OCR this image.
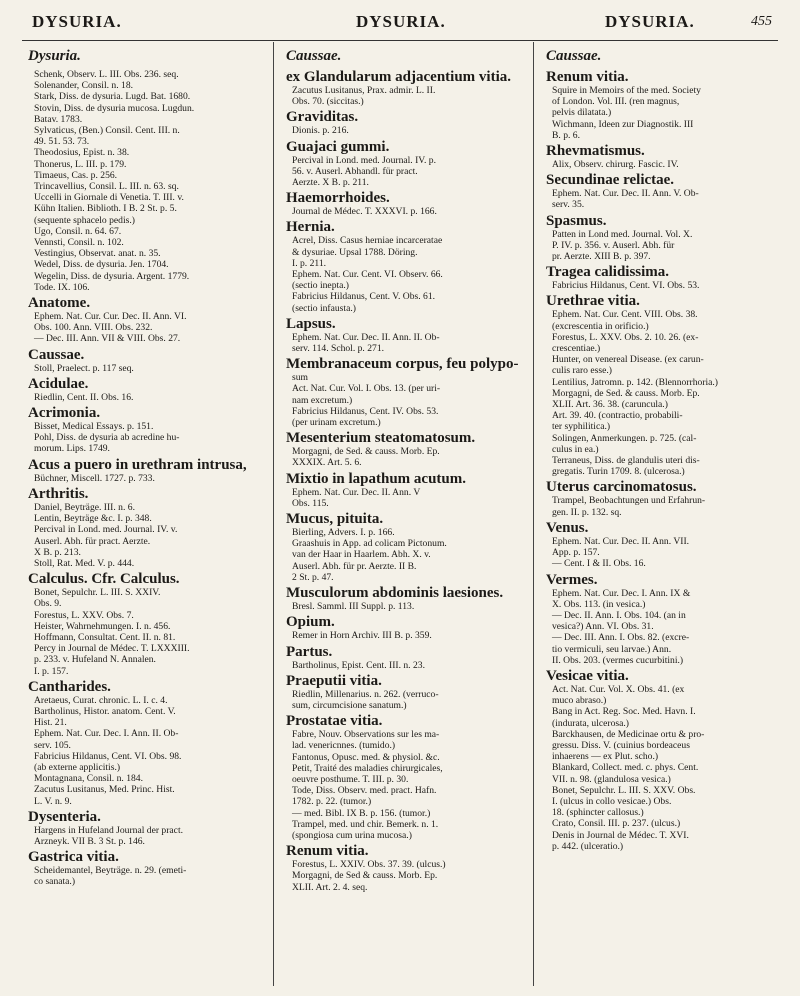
DYSURIA.	DYSURIA.	DYSURIA.	455
Dysuria.
Schenk, Observ. L. III. Obs. 236. seq.
Solenander, Consil. n. 18.
Stark, Diss. de dysuria. Lugd. Bat. 1680.
Stovin, Diss. de dysuria mucosa. Lugdun.
Batav. 1783.
Sylvaticus, (Ben.) Consil. Cent. III. n.
49. 51. 53. 73.
Theodosius, Epist. n. 38.
Thonerus, L. III. p. 179.
Timaeus, Cas. p. 256.
Trincavellius, Consil. L. III. n. 63. sq.
Uccelli in Giornale di Venetia. T. III. v.
Kühn Italien. Biblioth. I B. 2 St. p. 5.
(sequente sphacelo pedis.)
Ugo, Consil. n. 64. 67.
Vennsti, Consil. n. 102.
Vestingius, Observat. anat. n. 35.
Wedel, Diss. de dysuria. Jen. 1704.
Wegelin, Diss. de dysuria. Argent. 1779.
Tode. IX. 106.
Anatome.
Ephem. Nat. Cur. Cur. Dec. II. Ann. VI.
Obs. 100. Ann. VIII. Obs. 232.
— Dec. III. Ann. VII & VIII. Obs. 27.
Caussae.
Stoll, Praelect. p. 117 seq.
Acidulae.
Riedlin, Cent. II. Obs. 16.
Acrimonia.
Bisset, Medical Essays. p. 151.
Pohl, Diss. de dysuria ab acredine hu-
morum. Lips. 1749.
Acus a puero in urethram intrusa,
Büchner, Miscell. 1727. p. 733.
Arthritis.
Daniel, Beyträge. III. n. 6.
Lentin, Beyträge &c. I. p. 348.
Percival in Lond. med. Journal. IV. v.
Auserl. Abh. für pract. Aerzte.
X B. p. 213.
Stoll, Rat. Med. V. p. 444.
Calculus. Cfr. Calculus.
Bonet, Sepulchr. L. III. S. XXIV.
Obs. 9.
Forestus, L. XXV. Obs. 7.
Heister, Wahrnehmungen. I. n. 456.
Hoffmann, Consultat. Cent. II. n. 81.
Percy in Journal de Médec. T. LXXXIII.
p. 233. v. Hufeland N. Annalen.
I. p. 157.
Cantharides.
Aretaeus, Curat. chronic. L. I. c. 4.
Bartholinus, Histor. anatom. Cent. V.
Hist. 21.
Ephem. Nat. Cur. Dec. I. Ann. II. Ob-
serv. 105.
Fabricius Hildanus, Cent. VI. Obs. 98.
(ab externe applicitis.)
Montagnana, Consil. n. 184.
Zacutus Lusitanus, Med. Princ. Hist.
L. V. n. 9.
Dysenteria.
Hargens in Hufeland Journal der pract.
Arzneyk. VII B. 3 St. p. 146.
Gastrica vitia.
Scheidemantel, Beyträge. n. 29. (emeti-
co sanata.)
Caussae.
ex Glandularum adjacentium vitia.
Zacutus Lusitanus, Prax. admir. L. II.
Obs. 70. (siccitas.)
Graviditas.
Dionis. p. 216.
Guajaci gummi.
Percival in Lond. med. Journal. IV. p.
56. v. Auserl. Abhandl. für pract.
Aerzte. X B. p. 211.
Haemorrhoides.
Journal de Médec. T. XXXVI. p. 166.
Hernia.
Acrel, Diss. Casus herniae incarceratae
& dysuriae. Upsal 1788. Döring.
I. p. 211.
Ephem. Nat. Cur. Cent. VI. Observ. 66.
(sectio inepta.)
Fabricius Hildanus, Cent. V. Obs. 61.
(sectio infausta.)
Lapsus.
Ephem. Nat. Cur. Dec. II. Ann. II. Ob-
serv. 114. Schol. p. 271.
Membranaceum corpus, feu polypo-
sum
Act. Nat. Cur. Vol. I. Obs. 13. (per uri-
nam excretum.)
Fabricius Hildanus, Cent. IV. Obs. 53.
(per urinam excretum.)
Mesenterium steatomatosum.
Morgagni, de Sed. & causs. Morb. Ep.
XXXIX. Art. 5. 6.
Mixtio in lapathum acutum.
Ephem. Nat. Cur. Dec. II. Ann. V
Obs. 115.
Mucus, pituita.
Bierling, Advers. I. p. 166.
Graashuis in App. ad colicam Pictonum.
van der Haar in Haarlem. Abh. X. v.
Auserl. Abh. für pr. Aerzte. II B.
2 St. p. 47.
Musculorum abdominis laesiones.
Bresl. Samml. III Suppl. p. 113.
Opium.
Remer in Horn Archiv. III B. p. 359.
Partus.
Bartholinus, Epist. Cent. III. n. 23.
Praeputii vitia.
Riedlin, Millenarius. n. 262. (verruco-
sum, circumcisione sanatum.)
Prostatae vitia.
Fabre, Nouv. Observations sur les ma-
lad. venericnnes. (tumido.)
Fantonus, Opusc. med. & physiol. &c.
Petit, Traité des maladies chirurgicales,
oeuvre posthume. T. III. p. 30.
Tode, Diss. Observ. med. pract. Hafn.
1782. p. 22. (tumor.)
— med. Bibl. IX B. p. 156. (tumor.)
Trampel, med. und chir. Bemerk. n. 1.
(spongiosa cum urina mucosa.)
Renum vitia.
Forestus, L. XXIV. Obs. 37. 39. (ulcus.)
Morgagni, de Sed & causs. Morb. Ep.
XLII. Art. 2. 4. seq.
Caussae.
Renum vitia.
Squire in Memoirs of the med. Society
of London. Vol. III. (ren magnus,
pelvis dilatata.)
Wichmann, Ideen zur Diagnostik. III
B. p. 6.
Rhevmatismus.
Alix, Observ. chirurg. Fascic. IV.
Secundinae relictae.
Ephem. Nat. Cur. Dec. II. Ann. V. Ob-
serv. 35.
Spasmus.
Patten in Lond med. Journal. Vol. X.
P. IV. p. 356. v. Auserl. Abh. für
pr. Aerzte. XIII B. p. 397.
Tragea calidissima.
Fabricius Hildanus, Cent. VI. Obs. 53.
Urethrae vitia.
Ephem. Nat. Cur. Cent. VIII. Obs. 38.
(excrescentia in orificio.)
Forestus, L. XXV. Obs. 2. 10. 26. (ex-
crescentiae.)
Hunter, on venereal Disease. (ex carun-
culis raro esse.)
Lentilius, Jatromn. p. 142. (Blennorrhoria.)
Morgagni, de Sed. & causs. Morb. Ep.
XLII. Art. 36. 38. (caruncula.)
Art. 39. 40. (contractio, probabili-
ter syphilitica.)
Solingen, Anmerkungen. p. 725. (cal-
culus in ea.)
Terraneus, Diss. de glandulis uteri dis-
gregatis. Turin 1709. 8. (ulcerosa.)
Uterus carcinomatosus.
Trampel, Beobachtungen und Erfahrun-
gen. II. p. 132. sq.
Venus.
Ephem. Nat. Cur. Dec. II. Ann. VII.
App. p. 157.
— Cent. I & II. Obs. 16.
Vermes.
Ephem. Nat. Cur. Dec. I. Ann. IX &
X. Obs. 113. (in vesica.)
— Dec. II. Ann. I. Obs. 104. (an in
vesica?) Ann. VI. Obs. 31.
— Dec. III. Ann. I. Obs. 82. (excre-
tio vermiculi, seu larvae.) Ann.
II. Obs. 203. (vermes cucurbitini.)
Vesicae vitia.
Act. Nat. Cur. Vol. X. Obs. 41. (ex
muco abraso.)
Bang in Act. Reg. Soc. Med. Havn. I.
(indurata, ulcerosa.)
Barckhausen, de Medicinae ortu & pro-
gressu. Diss. V. (cuinius bordeaceus
inhaerens — ex Plut. scho.)
Blankard, Collect. med. c. phys. Cent.
VII. n. 98. (glandulosa vesica.)
Bonet, Sepulchr. L. III. S. XXV. Obs.
I. (ulcus in collo vesicae.) Obs.
18. (sphincter callosus.)
Crato, Consil. III. p. 237. (ulcus.)
Denis in Journal de Médec. T. XVI.
p. 442. (ulceratio.)
